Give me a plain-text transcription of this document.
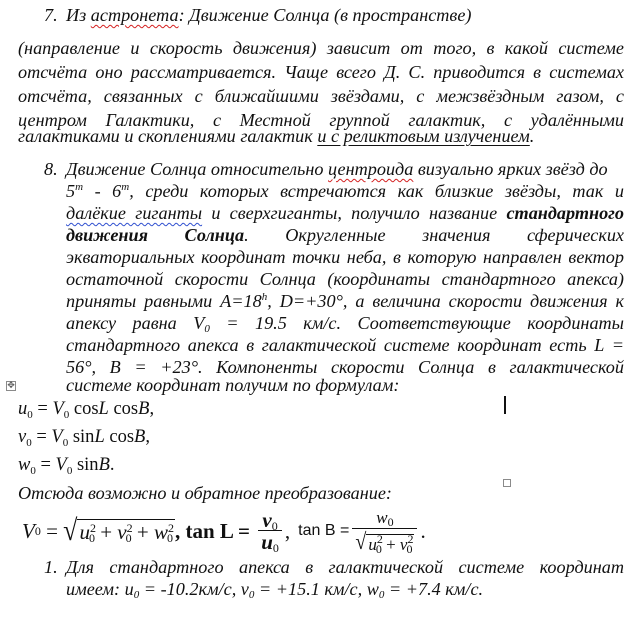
7. Из астронета: Движение Солнца (в пространстве)
(направление и скорость движения) зависит от того, в какой системе
отсчёта оно рассматривается. Чаще всего Д. С. приводится в системах
отсчёта, связанных с ближайшими звёздами, с межзвёздным газом, с
центром Галактики, с Местной группой галактик, с удалёнными
галактиками и скоплениями галактик и с реликтовым излучением.
8. Движение Солнца относительно центроида визуально ярких звёзд до
5$^m$ - 6$^m$, среди которых встречаются как близкие звёзды, так и
далёкие гиганты и сверхгиганты, получило название стандартного
движения Солнца. Округленные значения сферических
экваториальных координат точки неба, в которую направлен вектор
остаточной скорости Солнца (координаты стандартного апекса)
приняты равными $A=18^h$, D=+30°, а величина скорости движения к
апексу равна $V_0 = 19.5$ км/с. Соответствующие координаты
стандартного апекса в галактической системе координат есть L =
56°, B = +23°. Компоненты скорости Солнца в галактической
системе координат получим по формулам:
✥
$u_0 = V_0$ cosL cosB,
$v_0 = V_0$ sinL cosB,
$w_0 = V_0$ sinB.
Отсюда возможно и обратное преобразование:
V 0 = √ $u^2_0 + v^2_0 + w^2_0$ , $\tan L = \frac{v_0}{u_0}$ , $\tan B = \frac{w_0}{√ u^2_0 + v^2_0}$ .
1. Для стандартного апекса в галактической системе координат
имеем: $u_0 = -10.2км/с$, $v_0 = +15.1$ км/с, $w_0 = +7.4$ км/с.
